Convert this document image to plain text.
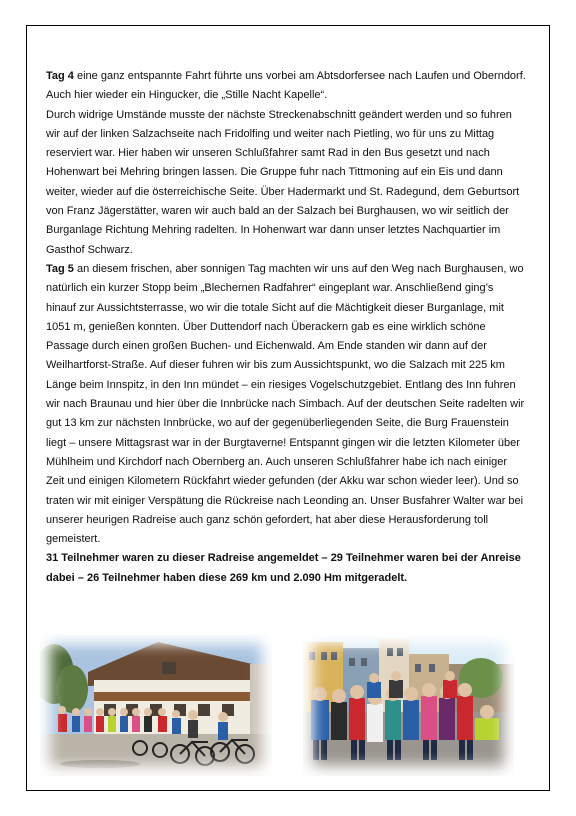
Tag 4 eine ganz entspannte Fahrt führte uns vorbei am Abtsdorfersee nach Laufen und Oberndorf. Auch hier wieder ein Hingucker, die „Stille Nacht Kapelle“.

Durch widrige Umstände musste der nächste Streckenabschnitt geändert werden und so fuhren wir auf der linken Salzachseite nach Fridolfing und weiter nach Pietling, wo für uns zu Mittag reserviert war. Hier haben wir unseren Schlußfahrer samt Rad in den Bus gesetzt und nach Hohenwart bei Mehring bringen lassen. Die Gruppe fuhr nach Tittmoning auf ein Eis und dann weiter, wieder auf die österreichische Seite. Über Hadermarkt und St. Radegund, dem Geburtsort von Franz Jägerstätter, waren wir auch bald an der Salzach bei Burghausen, wo wir seitlich der Burganlage Richtung Mehring radelten. In Hohenwart war dann unser letztes Nachquartier im Gasthof Schwarz.

Tag 5 an diesem frischen, aber sonnigen Tag machten wir uns auf den Weg nach Burghausen, wo natürlich ein kurzer Stopp beim „Blechernen Radfahrer“ eingeplant war. Anschließend ging’s hinauf zur Aussichtsterrasse, wo wir die totale Sicht auf die Mächtigkeit dieser Burganlage, mit 1051 m, genießen konnten. Über Duttendorf nach Überackern gab es eine wirklich schöne Passage durch einen großen Buchen- und Eichenwald. Am Ende standen wir dann auf der Weilhartforst-Straße. Auf dieser fuhren wir bis zum Aussichtspunkt, wo die Salzach mit 225 km Länge beim Innspitz, in den Inn mündet – ein riesiges Vogelschutzgebiet. Entlang des Inn fuhren wir nach Braunau und hier über die Innbrücke nach Simbach. Auf der deutschen Seite radelten wir gut 13 km zur nächsten Innbrücke, wo auf der gegenüberliegenden Seite, die Burg Frauenstein liegt – unsere Mittagsrast war in der Burgtaverne! Entspannt gingen wir die letzten Kilometer über Mühlheim und Kirchdorf nach Obernberg an. Auch unseren Schlußfahrer habe ich nach einiger Zeit und einigen Kilometern Rückfahrt wieder gefunden (der Akku war schon wieder leer). Und so traten wir mit einiger Verspätung die Rückreise nach Leonding an. Unser Busfahrer Walter war bei unserer heurigen Radreise auch ganz schön gefordert, hat aber diese Herausforderung toll gemeistert.

31 Teilnehmer waren zu dieser Radreise angemeldet – 29 Teilnehmer waren bei der Anreise dabei – 26 Teilnehmer haben diese 269 km und 2.090 Hm mitgeradelt.
